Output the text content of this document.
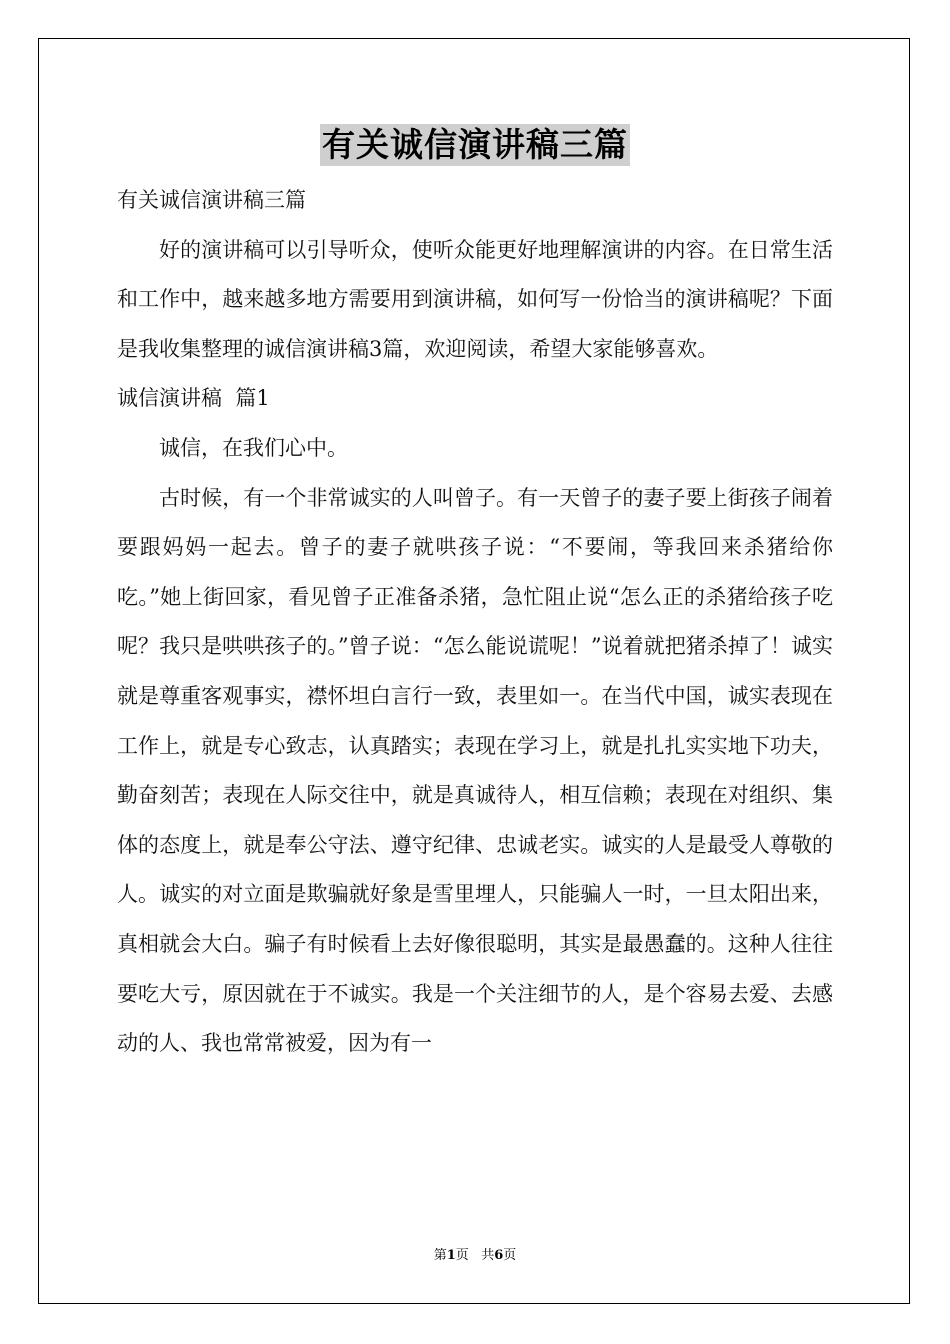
有关诚信演讲稿三篇

有关诚信演讲稿三篇

好的演讲稿可以引导听众，使听众能更好地理解演讲的内容。在日常生活和工作中，越来越多地方需要用到演讲稿，如何写一份恰当的演讲稿呢？下面是我收集整理的诚信演讲稿3篇，欢迎阅读，希望大家能够喜欢。

诚信演讲稿  篇1

诚信，在我们心中。

古时候，有一个非常诚实的人叫曾子。有一天曾子的妻子要上街孩子闹着要跟妈妈一起去。曾子的妻子就哄孩子说：“不要闹，等我回来杀猪给你吃。”她上街回家，看见曾子正准备杀猪，急忙阻止说“怎么正的杀猪给孩子吃呢？我只是哄哄孩子的。”曾子说：“怎么能说谎呢！”说着就把猪杀掉了！诚实就是尊重客观事实，襟怀坦白言行一致，表里如一。在当代中国，诚实表现在工作上，就是专心致志，认真踏实；表现在学习上，就是扎扎实实地下功夫，勤奋刻苦；表现在人际交往中，就是真诚待人，相互信赖；表现在对组织、集体的态度上，就是奉公守法、遵守纪律、忠诚老实。诚实的人是最受人尊敬的人。诚实的对立面是欺骗就好象是雪里埋人，只能骗人一时，一旦太阳出来，真相就会大白。骗子有时候看上去好像很聪明，其实是最愚蠢的。这种人往往要吃大亏，原因就在于不诚实。我是一个关注细节的人，是个容易去爱、去感动的人、我也常常被爱，因为有一

第1页 共6页
